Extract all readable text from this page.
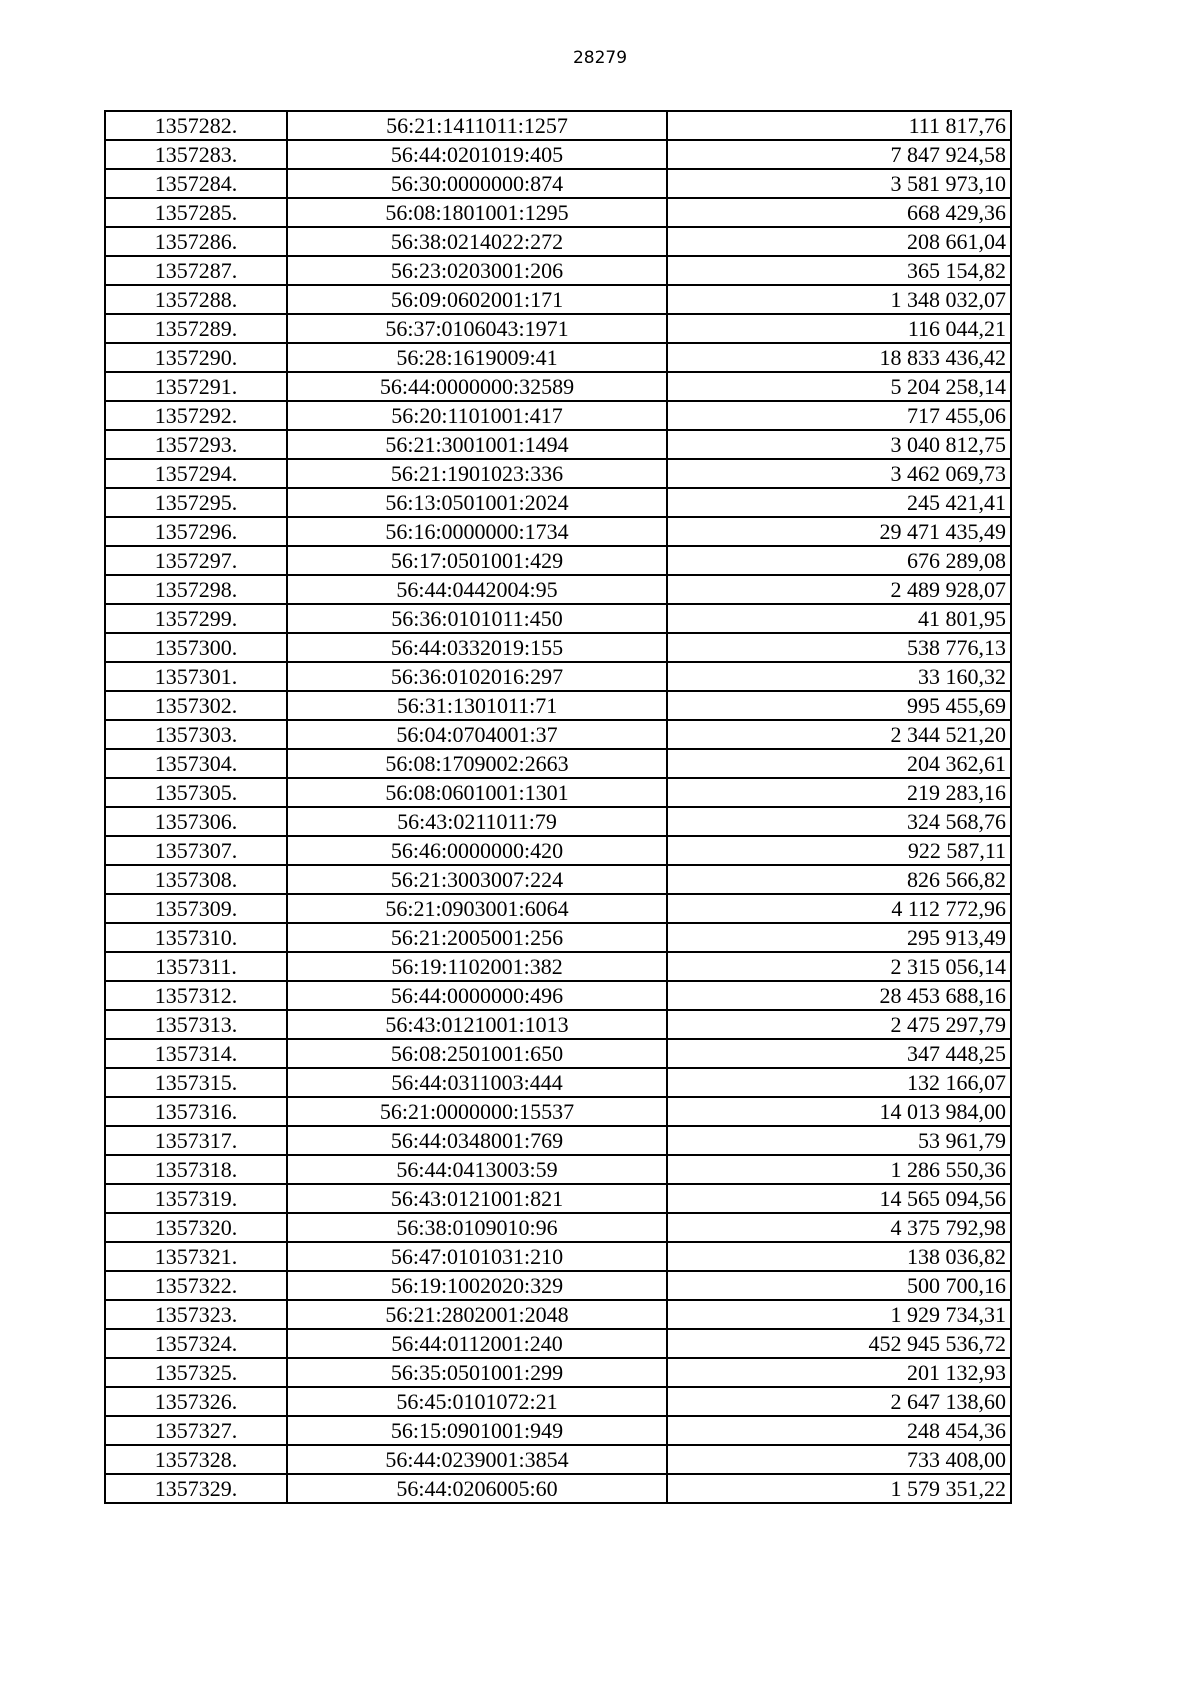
28279
1357282.	56:21:1411011:1257	111 817,76
1357283.	56:44:0201019:405	7 847 924,58
1357284.	56:30:0000000:874	3 581 973,10
1357285.	56:08:1801001:1295	668 429,36
1357286.	56:38:0214022:272	208 661,04
1357287.	56:23:0203001:206	365 154,82
1357288.	56:09:0602001:171	1 348 032,07
1357289.	56:37:0106043:1971	116 044,21
1357290.	56:28:1619009:41	18 833 436,42
1357291.	56:44:0000000:32589	5 204 258,14
1357292.	56:20:1101001:417	717 455,06
1357293.	56:21:3001001:1494	3 040 812,75
1357294.	56:21:1901023:336	3 462 069,73
1357295.	56:13:0501001:2024	245 421,41
1357296.	56:16:0000000:1734	29 471 435,49
1357297.	56:17:0501001:429	676 289,08
1357298.	56:44:0442004:95	2 489 928,07
1357299.	56:36:0101011:450	41 801,95
1357300.	56:44:0332019:155	538 776,13
1357301.	56:36:0102016:297	33 160,32
1357302.	56:31:1301011:71	995 455,69
1357303.	56:04:0704001:37	2 344 521,20
1357304.	56:08:1709002:2663	204 362,61
1357305.	56:08:0601001:1301	219 283,16
1357306.	56:43:0211011:79	324 568,76
1357307.	56:46:0000000:420	922 587,11
1357308.	56:21:3003007:224	826 566,82
1357309.	56:21:0903001:6064	4 112 772,96
1357310.	56:21:2005001:256	295 913,49
1357311.	56:19:1102001:382	2 315 056,14
1357312.	56:44:0000000:496	28 453 688,16
1357313.	56:43:0121001:1013	2 475 297,79
1357314.	56:08:2501001:650	347 448,25
1357315.	56:44:0311003:444	132 166,07
1357316.	56:21:0000000:15537	14 013 984,00
1357317.	56:44:0348001:769	53 961,79
1357318.	56:44:0413003:59	1 286 550,36
1357319.	56:43:0121001:821	14 565 094,56
1357320.	56:38:0109010:96	4 375 792,98
1357321.	56:47:0101031:210	138 036,82
1357322.	56:19:1002020:329	500 700,16
1357323.	56:21:2802001:2048	1 929 734,31
1357324.	56:44:0112001:240	452 945 536,72
1357325.	56:35:0501001:299	201 132,93
1357326.	56:45:0101072:21	2 647 138,60
1357327.	56:15:0901001:949	248 454,36
1357328.	56:44:0239001:3854	733 408,00
1357329.	56:44:0206005:60	1 579 351,22
